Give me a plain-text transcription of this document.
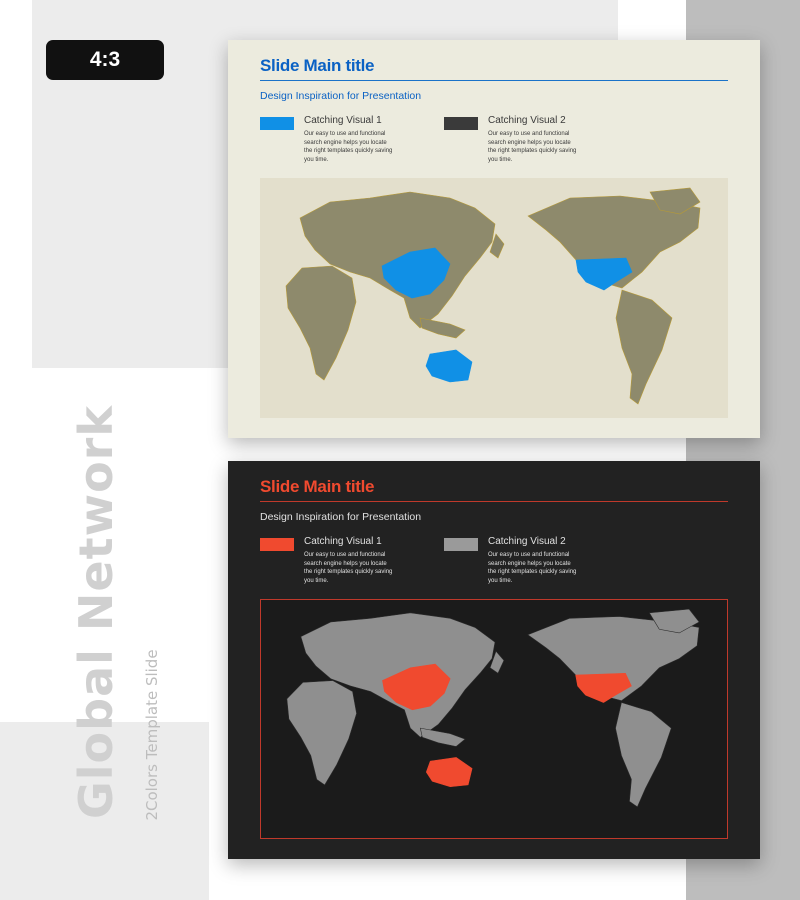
4:3
Global Network 2Colors Template Slide
Slide Main title
Design Inspiration for Presentation
Catching Visual 1
Our easy to use and functional search engine helps you locate the right templates quickly saving you time.
Catching Visual 2
Our easy to use and functional search engine helps you locate the right templates quickly saving you time.
Slide Main title
Design Inspiration for Presentation
Catching Visual 1
Our easy to use and functional search engine helps you locate the right templates quickly saving you time.
Catching Visual 2
Our easy to use and functional search engine helps you locate the right templates quickly saving you time.
